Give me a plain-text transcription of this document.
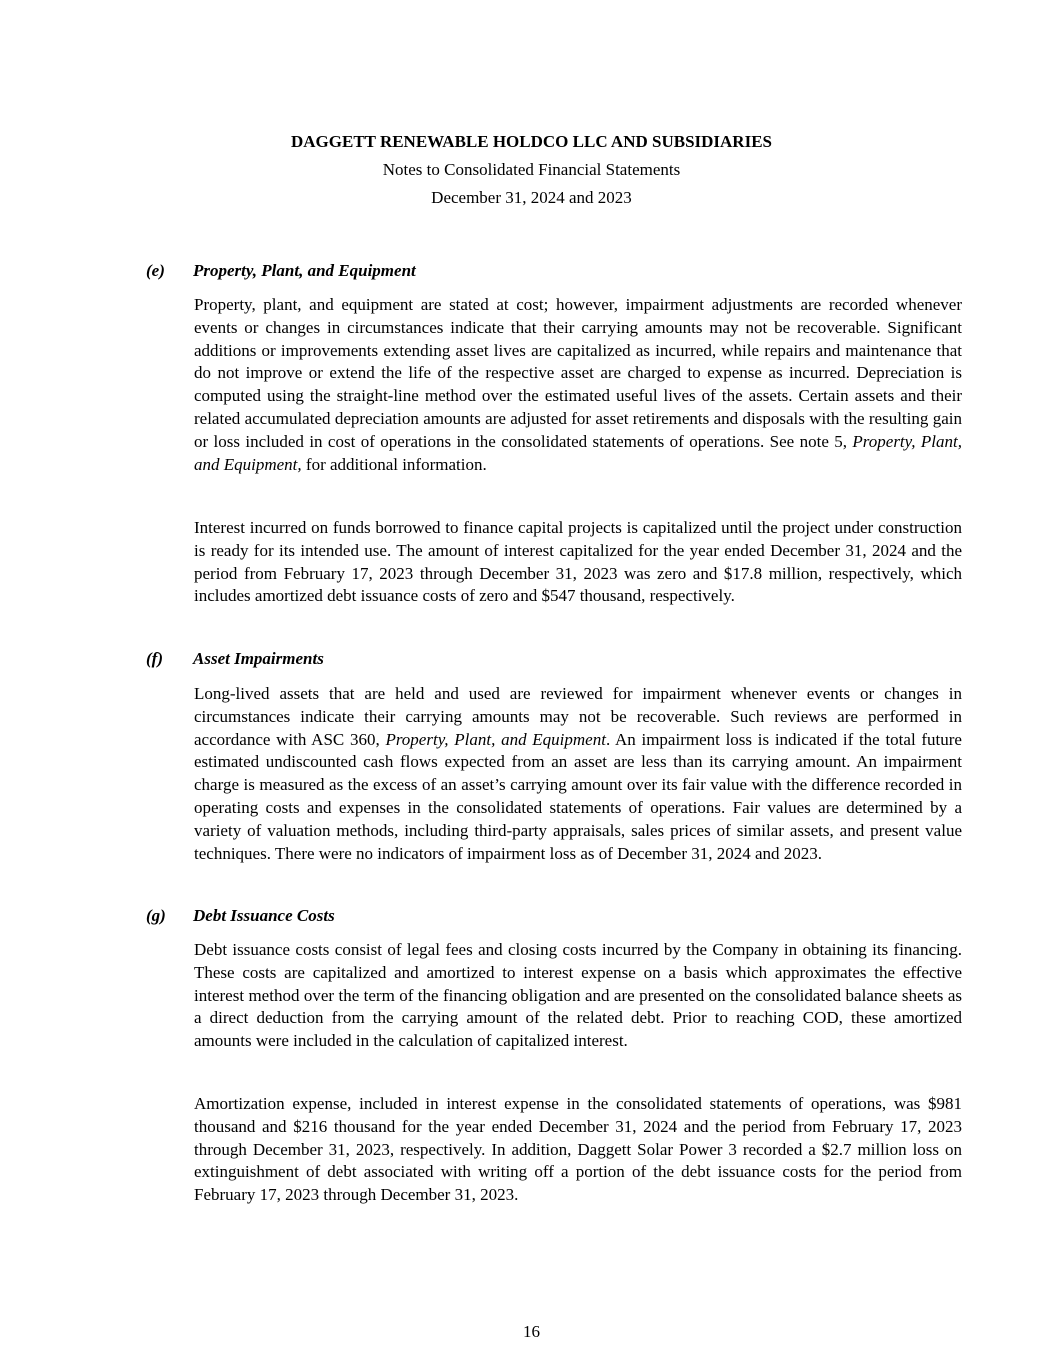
DAGGETT RENEWABLE HOLDCO LLC AND SUBSIDIARIES
Notes to Consolidated Financial Statements
December 31, 2024 and 2023
(e) Property, Plant, and Equipment

Property, plant, and equipment are stated at cost; however, impairment adjustments are recorded whenever events or changes in circumstances indicate that their carrying amounts may not be recoverable. Significant additions or improvements extending asset lives are capitalized as incurred, while repairs and maintenance that do not improve or extend the life of the respective asset are charged to expense as incurred. Depreciation is computed using the straight-line method over the estimated useful lives of the assets. Certain assets and their related accumulated depreciation amounts are adjusted for asset retirements and disposals with the resulting gain or loss included in cost of operations in the consolidated statements of operations. See note 5, Property, Plant, and Equipment, for additional information.

Interest incurred on funds borrowed to finance capital projects is capitalized until the project under construction is ready for its intended use. The amount of interest capitalized for the year ended December 31, 2024 and the period from February 17, 2023 through December 31, 2023 was zero and $17.8 million, respectively, which includes amortized debt issuance costs of zero and $547 thousand, respectively.

(f) Asset Impairments

Long-lived assets that are held and used are reviewed for impairment whenever events or changes in circumstances indicate their carrying amounts may not be recoverable. Such reviews are performed in accordance with ASC 360, Property, Plant, and Equipment. An impairment loss is indicated if the total future estimated undiscounted cash flows expected from an asset are less than its carrying amount. An impairment charge is measured as the excess of an asset’s carrying amount over its fair value with the difference recorded in operating costs and expenses in the consolidated statements of operations. Fair values are determined by a variety of valuation methods, including third-party appraisals, sales prices of similar assets, and present value techniques. There were no indicators of impairment loss as of December 31, 2024 and 2023.

(g) Debt Issuance Costs

Debt issuance costs consist of legal fees and closing costs incurred by the Company in obtaining its financing. These costs are capitalized and amortized to interest expense on a basis which approximates the effective interest method over the term of the financing obligation and are presented on the consolidated balance sheets as a direct deduction from the carrying amount of the related debt. Prior to reaching COD, these amortized amounts were included in the calculation of capitalized interest.

Amortization expense, included in interest expense in the consolidated statements of operations, was $981 thousand and $216 thousand for the year ended December 31, 2024 and the period from February 17, 2023 through December 31, 2023, respectively. In addition, Daggett Solar Power 3 recorded a $2.7 million loss on extinguishment of debt associated with writing off a portion of the debt issuance costs for the period from February 17, 2023 through December 31, 2023.

16
